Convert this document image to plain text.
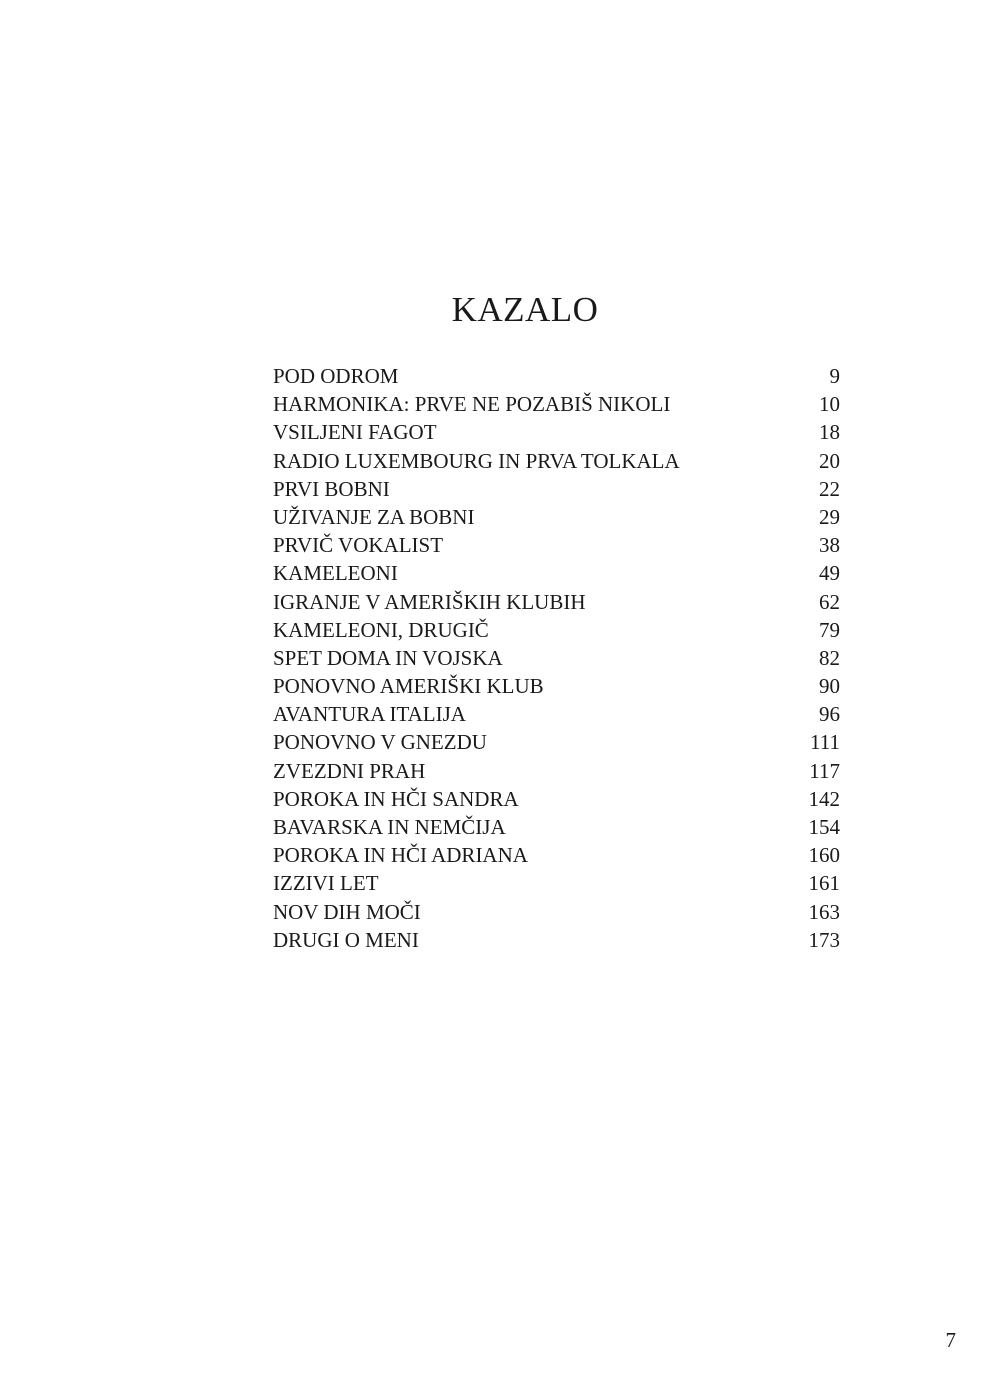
KAZALO
POD ODROM	9
HARMONIKA: PRVE NE POZABIŠ NIKOLI	10
VSILJENI FAGOT	18
RADIO LUXEMBOURG IN PRVA TOLKALA	20
PRVI BOBNI	22
UŽIVANJE ZA BOBNI	29
PRVIČ VOKALIST	38
KAMELEONI	49
IGRANJE V AMERIŠKIH KLUBIH	62
KAMELEONI, DRUGIČ	79
SPET DOMA IN VOJSKA	82
PONOVNO AMERIŠKI KLUB	90
AVANTURA ITALIJA	96
PONOVNO V GNEZDU	111
ZVEZDNI PRAH	117
POROKA IN HČI SANDRA	142
BAVARSKA IN NEMČIJA	154
POROKA IN HČI ADRIANA	160
IZZIVI LET	161
NOV DIH MOČI	163
DRUGI O MENI	173
7
